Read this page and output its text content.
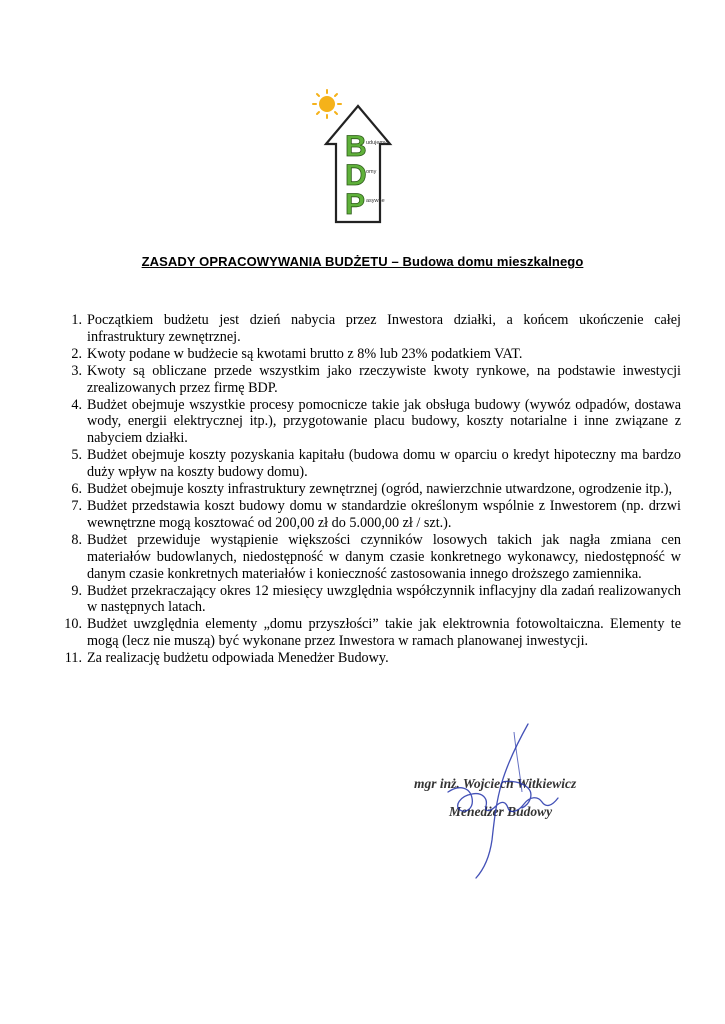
B
D
P
udujemy
omy
asywne
ZASADY OPRACOWYWANIA BUDŻETU – Budowa domu mieszkalnego
1. Początkiem budżetu jest dzień nabycia przez Inwestora działki, a końcem ukończenie całej infrastruktury zewnętrznej.
2. Kwoty podane w budżecie są kwotami brutto z 8% lub 23% podatkiem VAT.
3. Kwoty są obliczane przede wszystkim jako rzeczywiste kwoty rynkowe, na podstawie inwestycji zrealizowanych przez firmę BDP.
4. Budżet obejmuje wszystkie procesy pomocnicze takie jak obsługa budowy (wywóz odpadów, dostawa wody, energii elektrycznej itp.), przygotowanie placu budowy, koszty notarialne i inne związane z nabyciem działki.
5. Budżet obejmuje koszty pozyskania kapitału (budowa domu w oparciu o kredyt hipoteczny ma bardzo duży wpływ na koszty budowy domu).
6. Budżet obejmuje koszty infrastruktury zewnętrznej (ogród, nawierzchnie utwardzone, ogrodzenie itp.),
7. Budżet przedstawia koszt budowy domu w standardzie określonym wspólnie z Inwestorem (np. drzwi wewnętrzne mogą kosztować od 200,00 zł do 5.000,00 zł / szt.).
8. Budżet przewiduje wystąpienie większości czynników losowych takich jak nagła zmiana cen materiałów budowlanych, niedostępność w danym czasie konkretnego wykonawcy, niedostępność w danym czasie konkretnych materiałów i konieczność zastosowania innego droższego zamiennika.
9. Budżet przekraczający okres 12 miesięcy uwzględnia współczynnik inflacyjny dla zadań realizowanych w następnych latach.
10. Budżet uwzględnia elementy „domu przyszłości” takie jak elektrownia fotowoltaiczna. Elementy te mogą (lecz nie muszą) być wykonane przez Inwestora w ramach planowanej inwestycji.
11. Za realizację budżetu odpowiada Menedżer Budowy.
mgr inż. Wojciech Witkiewicz
Menedżer Budowy
